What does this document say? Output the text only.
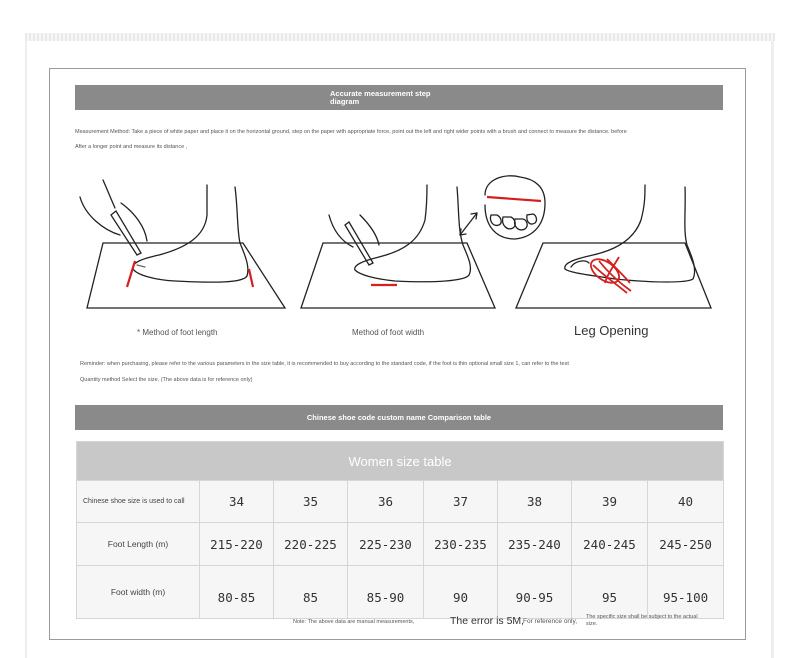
Accurate measurement step
diagram
Measurement Method: Take a piece of white paper and place it on the horizontal ground, step on the paper with appropriate force, point out the left and right wider points with a brush and connect to measure the distance. before
After a longer point and measure its distance ,
* Method of foot length	Method of foot width	Leg Opening
Reminder: when purchasing, please refer to the various parameters in the size table, it is recommended to buy according to the standard code, if the foot is thin optional small size 1, can refer to the test
Quantity method Select the size. (The above data is for reference only)
Chinese shoe code custom name Comparison table
Women size table							
Chinese shoe size is used to call	34	35	36	37	38	39	40
Foot Length (m)	215-220	220-225	225-230	230-235	235-240	240-245	245-250
Foot width (m)	80-85	85	85-90	90	90-95	95	95-100
Note: The above data are manual measurements,	The error is 5M,
For reference only,
The specific size shall be subject to the actual size.
